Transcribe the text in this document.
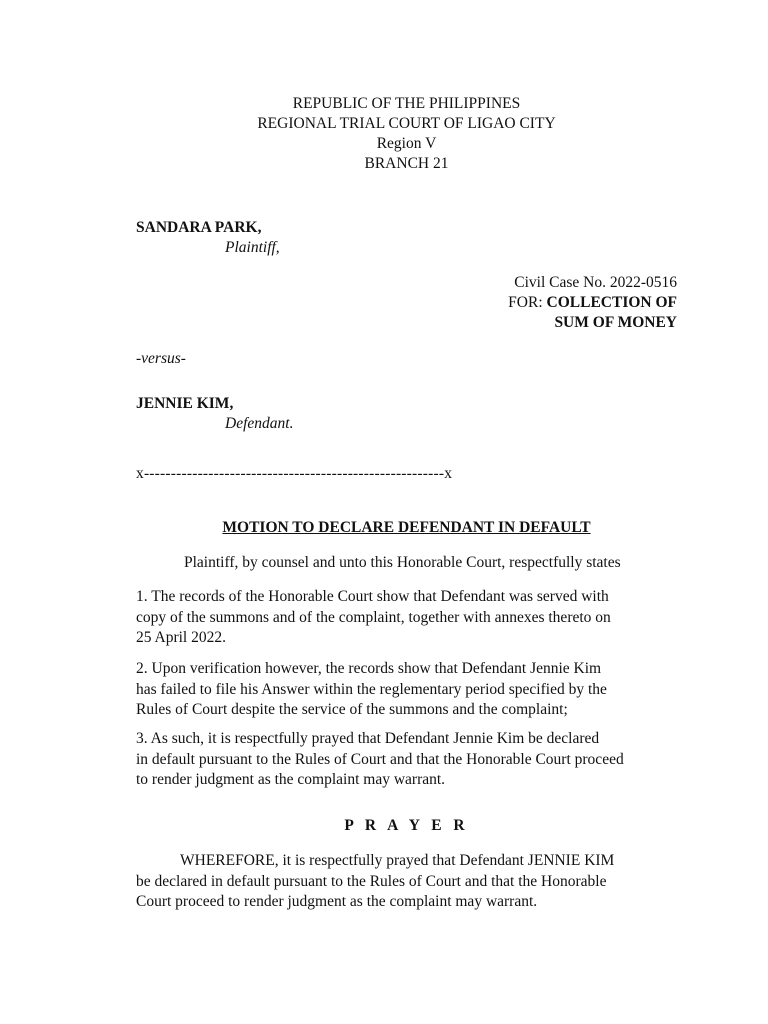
REPUBLIC OF THE PHILIPPINES
REGIONAL TRIAL COURT OF LIGAO CITY
Region V
BRANCH 21
SANDARA PARK,
Plaintiff,
Civil Case No. 2022-0516
FOR: COLLECTION OF
SUM OF MONEY
-versus-
JENNIE KIM,
Defendant.
x--------------------------------------------------------x
MOTION TO DECLARE DEFENDANT IN DEFAULT
Plaintiff, by counsel and unto this Honorable Court, respectfully states
1. The records of the Honorable Court show that Defendant was served with
copy of the summons and of the complaint, together with annexes thereto on
25 April 2022.
2. Upon verification however, the records show that Defendant Jennie Kim
has failed to file his Answer within the reglementary period specified by the
Rules of Court despite the service of the summons and the complaint;
3. As such, it is respectfully prayed that Defendant Jennie Kim be declared
in default pursuant to the Rules of Court and that the Honorable Court proceed
to render judgment as the complaint may warrant.
P R A Y E R
WHEREFORE, it is respectfully prayed that Defendant JENNIE KIM
be declared in default pursuant to the Rules of Court and that the Honorable
Court proceed to render judgment as the complaint may warrant.
